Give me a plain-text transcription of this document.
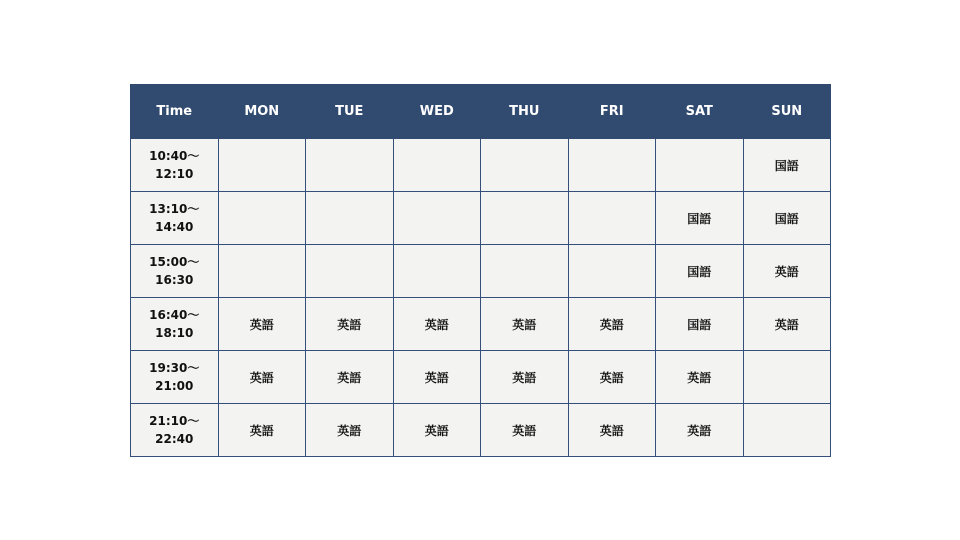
Time	MON	TUE	WED	THU	FRI	SAT	SUN

10:40〜
12:10							国語

13:10〜
14:40						国語	国語

15:00〜
16:30						国語	英語

16:40〜
18:10	英語	英語	英語	英語	英語	国語	英語

19:30〜
21:00	英語	英語	英語	英語	英語	英語	

21:10〜
22:40	英語	英語	英語	英語	英語	英語	
